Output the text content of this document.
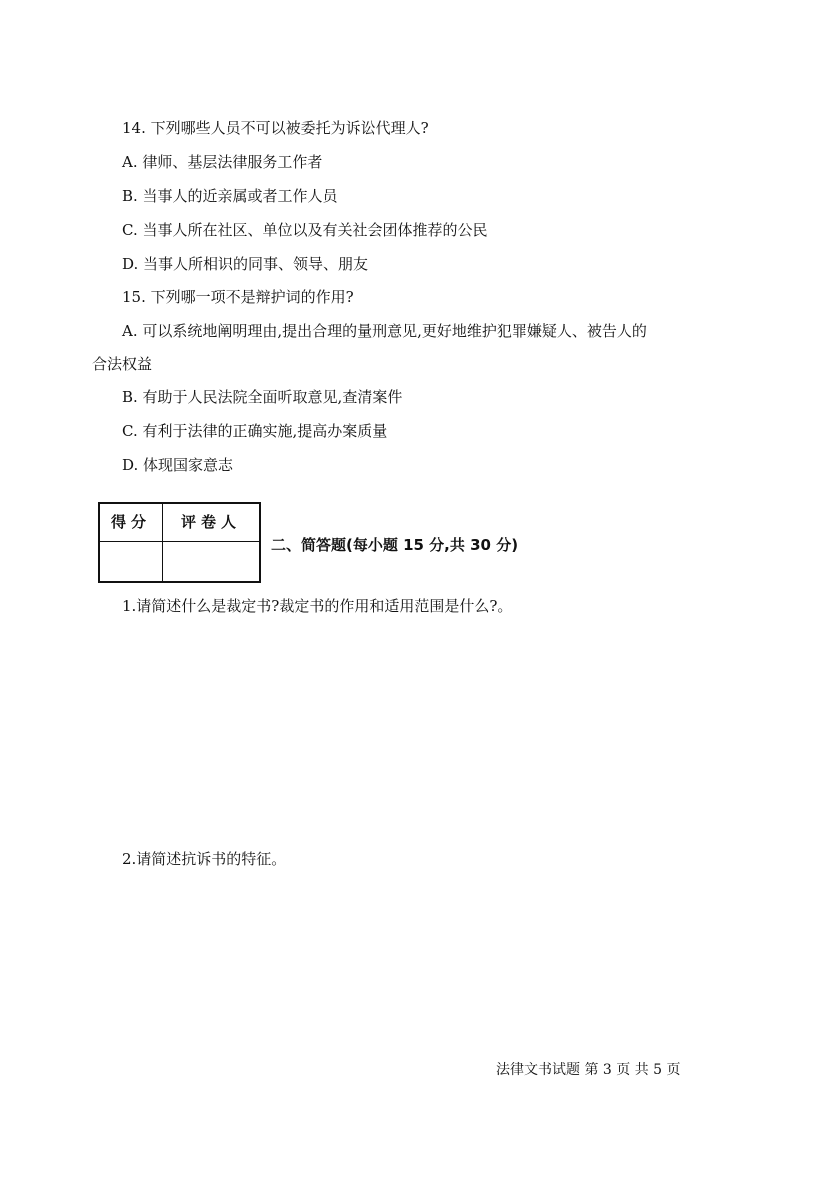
14. 下列哪些人员不可以被委托为诉讼代理人?
A. 律师、基层法律服务工作者
B. 当事人的近亲属或者工作人员
C. 当事人所在社区、单位以及有关社会团体推荐的公民
D. 当事人所相识的同事、领导、朋友
15. 下列哪一项不是辩护词的作用?
A. 可以系统地阐明理由,提出合理的量刑意见,更好地维护犯罪嫌疑人、被告人的
合法权益
B. 有助于人民法院全面听取意见,查清案件
C. 有利于法律的正确实施,提高办案质量
D. 体现国家意志
得分	评卷人
二、简答题(每小题 15 分,共 30 分)
1.请简述什么是裁定书?裁定书的作用和适用范围是什么?。
2.请简述抗诉书的特征。
法律文书试题 第 3 页 共 5 页
